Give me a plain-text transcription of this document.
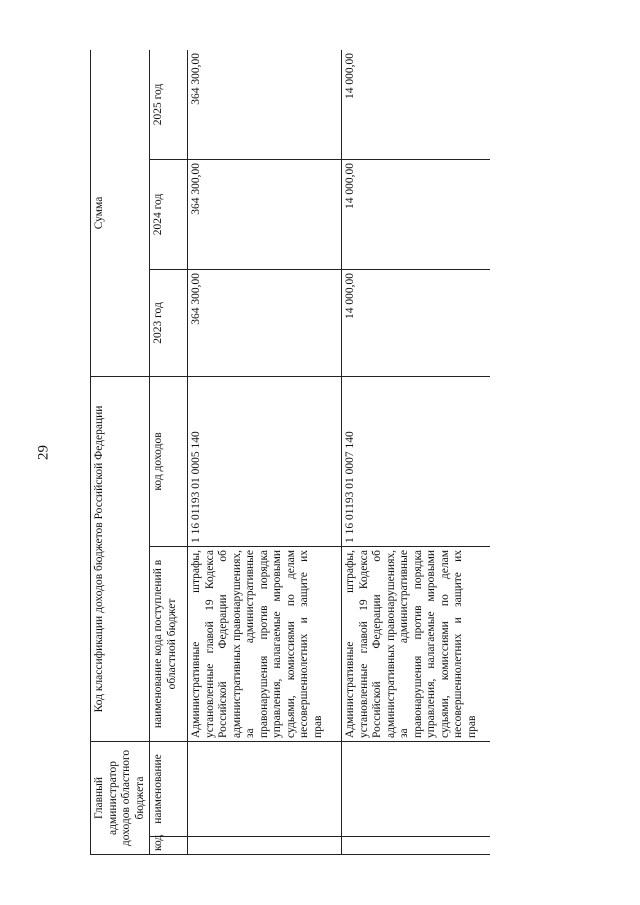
29
Главный администратор доходов областного бюджета		Код классификации доходов бюджетов Российской Федерации		Сумма		
код	наименование	наименование кода поступлений в областной бюджет	код доходов	2023 год	2024 год	2025 год
		Административные штрафы, установленные главой 19 Кодекса Российской Федерации об административных правонарушениях, за административные правонарушения против порядка управления, налагаемые мировыми судьями, комиссиями по делам несовершеннолетних и защите их прав	1 16 01193 01 0005 140	364 300,00	364 300,00	364 300,00
		Административные штрафы, установленные главой 19 Кодекса Российской Федерации об административных правонарушениях, за административные правонарушения против порядка управления, налагаемые мировыми судьями, комиссиями по делам несовершеннолетних и защите их прав	1 16 01193 01 0007 140	14 000,00	14 000,00	14 000,00
